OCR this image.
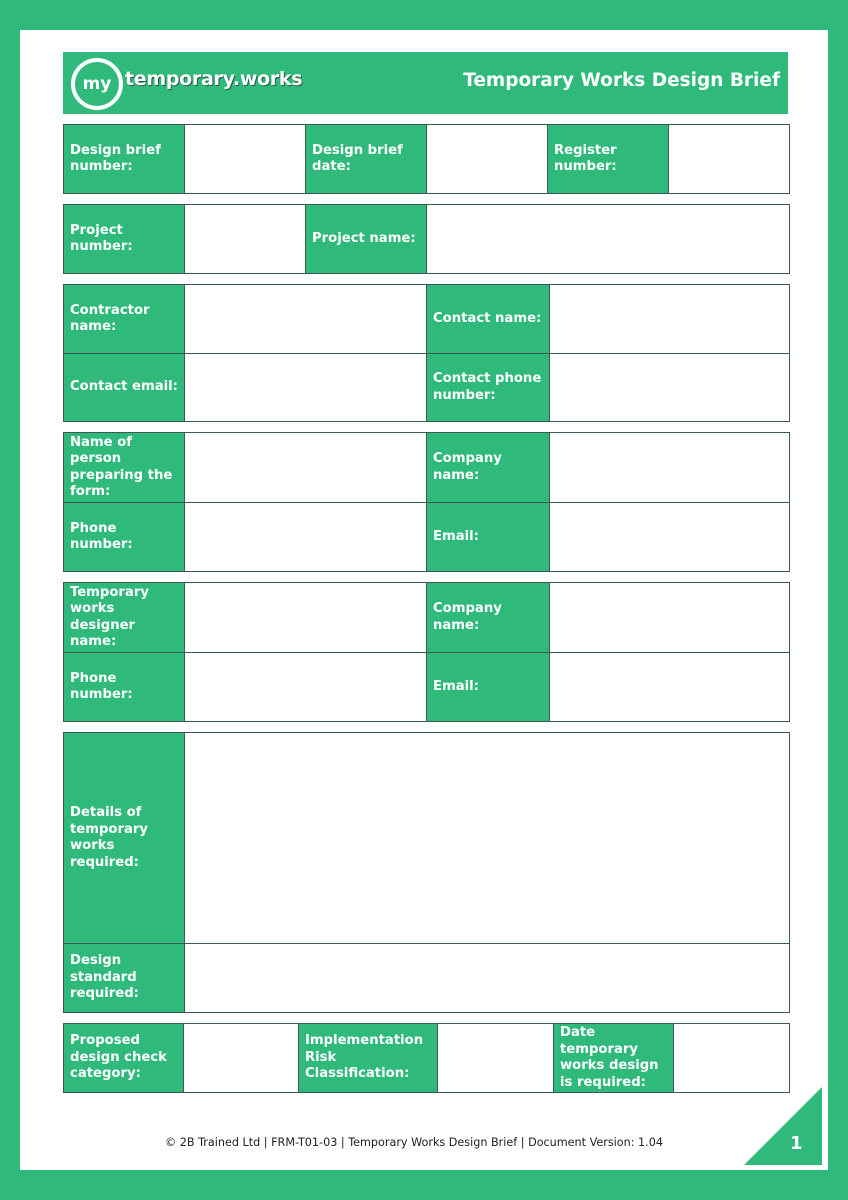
my temporary.works	Temporary Works Design Brief
Design brief number:		Design brief date:		Register number:	
Project number:		Project name:	
Contractor name:		Contact name:	
Contact email:		Contact phone number:	
Name of person preparing the form:		Company name:	
Phone number:		Email:	
Temporary works designer name:		Company name:	
Phone number:		Email:	
Details of temporary works required:	
Design standard required:	
Proposed design check category:		Implementation Risk Classification:		Date temporary works design is required:	
© 2B Trained Ltd | FRM-T01-03 | Temporary Works Design Brief | Document Version: 1.04	1
